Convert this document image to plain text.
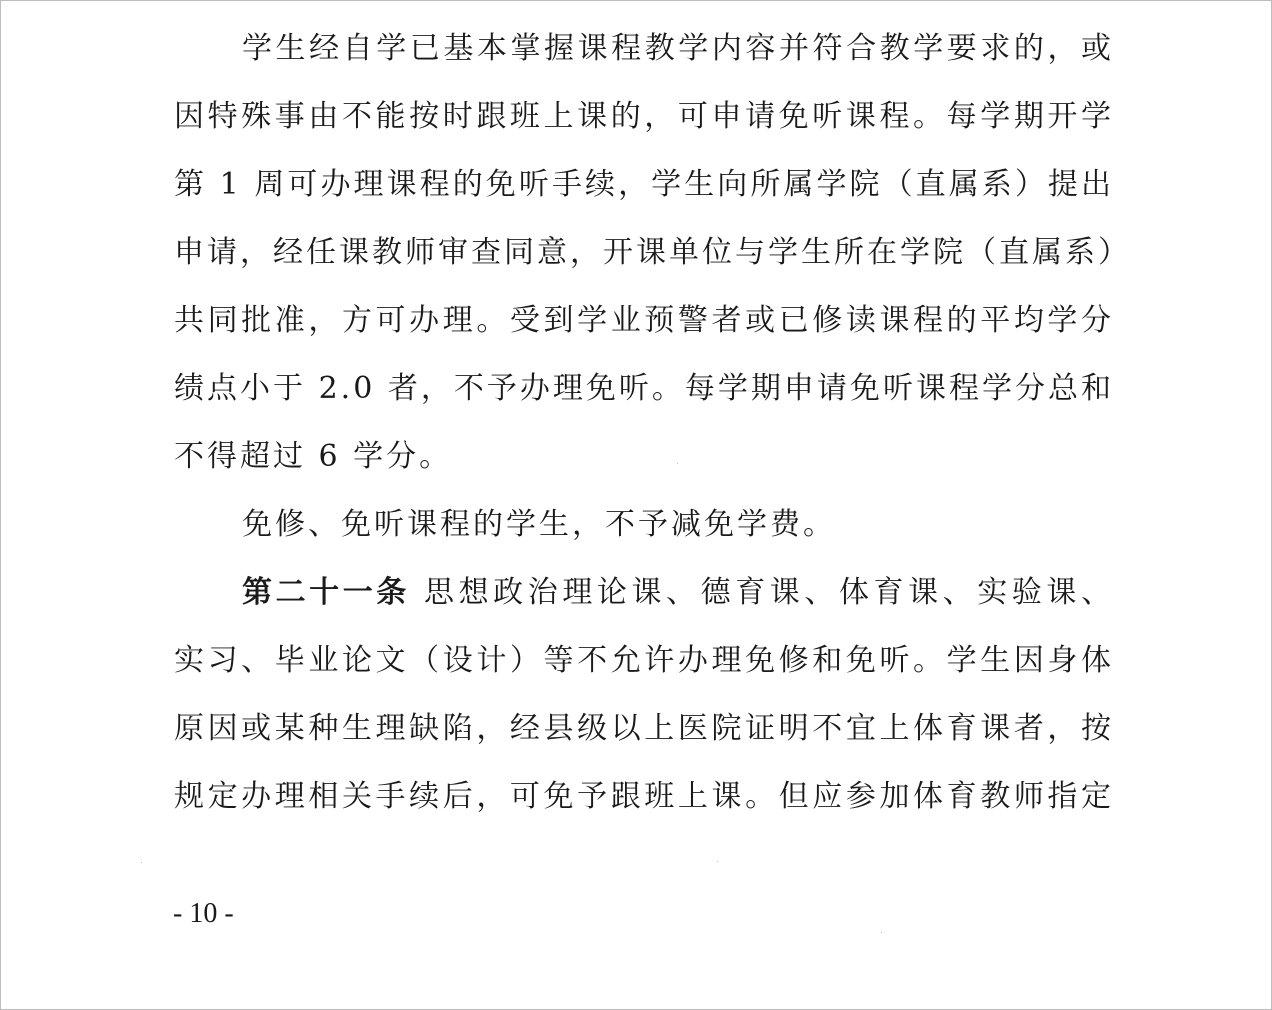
学生经自学已基本掌握课程教学内容并符合教学要求的，或
因特殊事由不能按时跟班上课的，可申请免听课程。每学期开学
第 1 周可办理课程的免听手续，学生向所属学院（直属系）提出
申请，经任课教师审查同意，开课单位与学生所在学院（直属系）
共同批准，方可办理。受到学业预警者或已修读课程的平均学分
绩点小于 2.0 者，不予办理免听。每学期申请免听课程学分总和
不得超过 6 学分。
免修、免听课程的学生，不予减免学费。
第二十一条 思想政治理论课、德育课、体育课、实验课、
实习、毕业论文（设计）等不允许办理免修和免听。学生因身体
原因或某种生理缺陷，经县级以上医院证明不宜上体育课者，按
规定办理相关手续后，可免予跟班上课。但应参加体育教师指定
- 10 -
